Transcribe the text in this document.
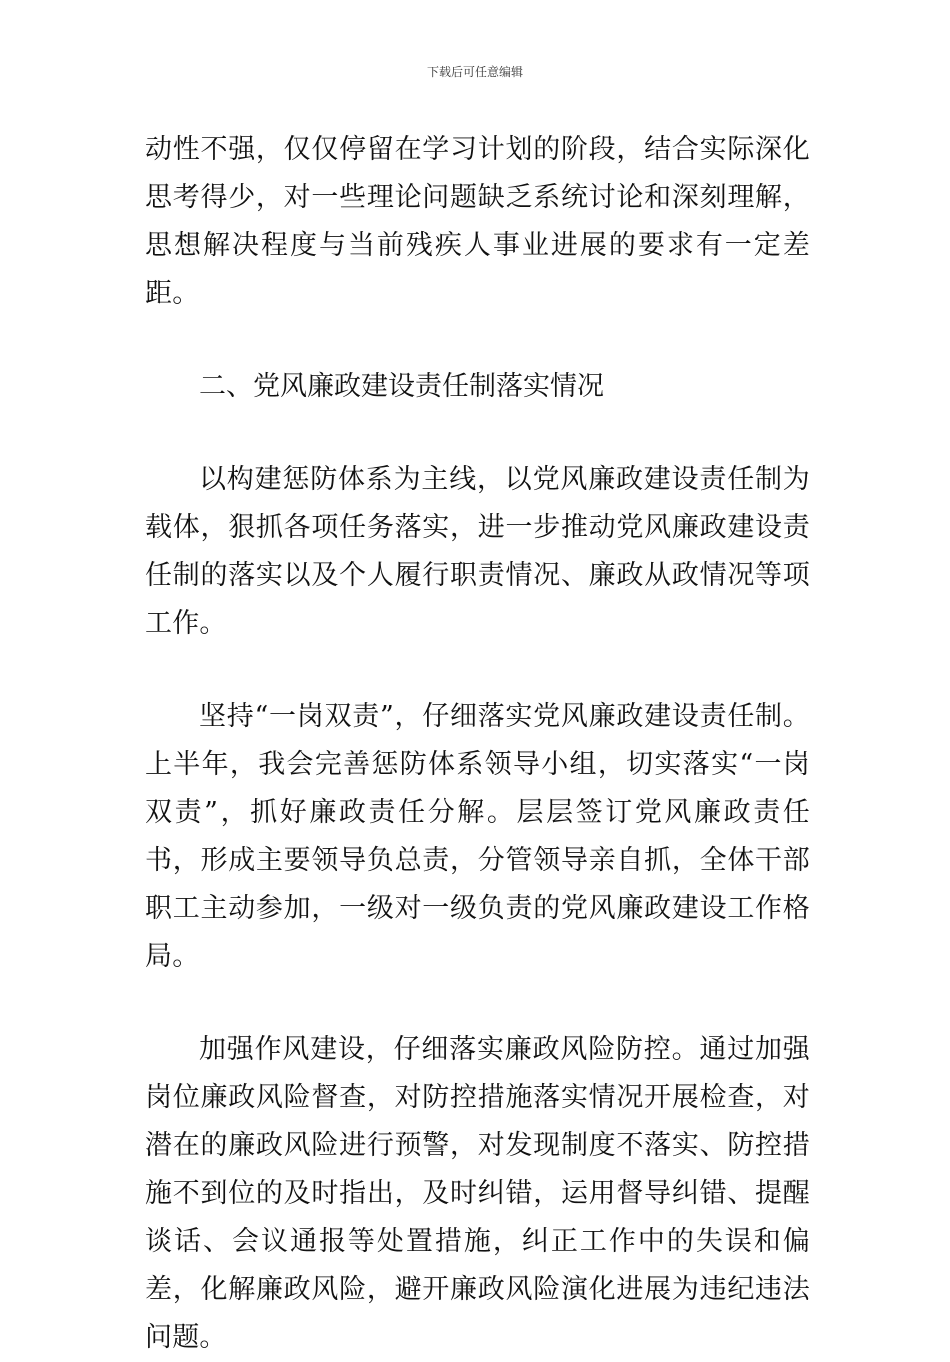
下载后可任意编辑

动性不强，仅仅停留在学习计划的阶段，结合实际深化思考得少，对一些理论问题缺乏系统讨论和深刻理解，思想解决程度与当前残疾人事业进展的要求有一定差距。

二、党风廉政建设责任制落实情况

以构建惩防体系为主线，以党风廉政建设责任制为载体，狠抓各项任务落实，进一步推动党风廉政建设责任制的落实以及个人履行职责情况、廉政从政情况等项工作。

坚持“一岗双责”，仔细落实党风廉政建设责任制。上半年，我会完善惩防体系领导小组，切实落实“一岗双责”，抓好廉政责任分解。层层签订党风廉政责任书，形成主要领导负总责，分管领导亲自抓，全体干部职工主动参加，一级对一级负责的党风廉政建设工作格局。

加强作风建设，仔细落实廉政风险防控。通过加强岗位廉政风险督查，对防控措施落实情况开展检查，对潜在的廉政风险进行预警，对发现制度不落实、防控措施不到位的及时指出，及时纠错，运用督导纠错、提醒谈话、会议通报等处置措施，纠正工作中的失误和偏差，化解廉政风险，避开廉政风险演化进展为违纪违法问题。
